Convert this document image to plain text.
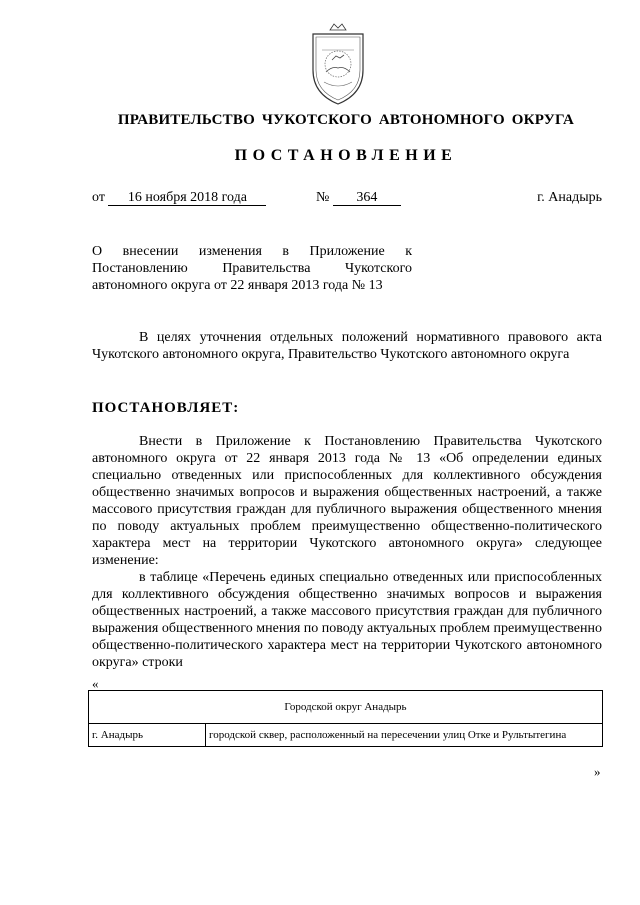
ПРАВИТЕЛЬСТВО ЧУКОТСКОГО АВТОНОМНОГО ОКРУГА
ПОСТАНОВЛЕНИЕ
от 16 ноября 2018 года	№ 364	г. Анадырь
О внесении изменения в Приложение к Постановлению Правительства Чукотского автономного округа от 22 января 2013 года № 13
В целях уточнения отдельных положений нормативного правового акта Чукотского автономного округа, Правительство Чукотского автономного округа
ПОСТАНОВЛЯЕТ:
Внести в Приложение к Постановлению Правительства Чукотского автономного округа от 22 января 2013 года № 13 «Об определении единых специально отведенных или приспособленных для коллективного обсуждения общественно значимых вопросов и выражения общественных настроений, а также массового присутствия граждан для публичного выражения общественного мнения по поводу актуальных проблем преимущественно общественно-политического характера мест на территории Чукотского автономного округа» следующее изменение:
в таблице «Перечень единых специально отведенных или приспособленных для коллективного обсуждения общественно значимых вопросов и выражения общественных настроений, а также массового присутствия граждан для публичного выражения общественного мнения по поводу актуальных проблем преимущественно общественно-политического характера мест на территории Чукотского автономного округа» строки
«
Городской округ Анадырь
г. Анадырь	городской сквер, расположенный на пересечении улиц Отке и Рультытегина
»
